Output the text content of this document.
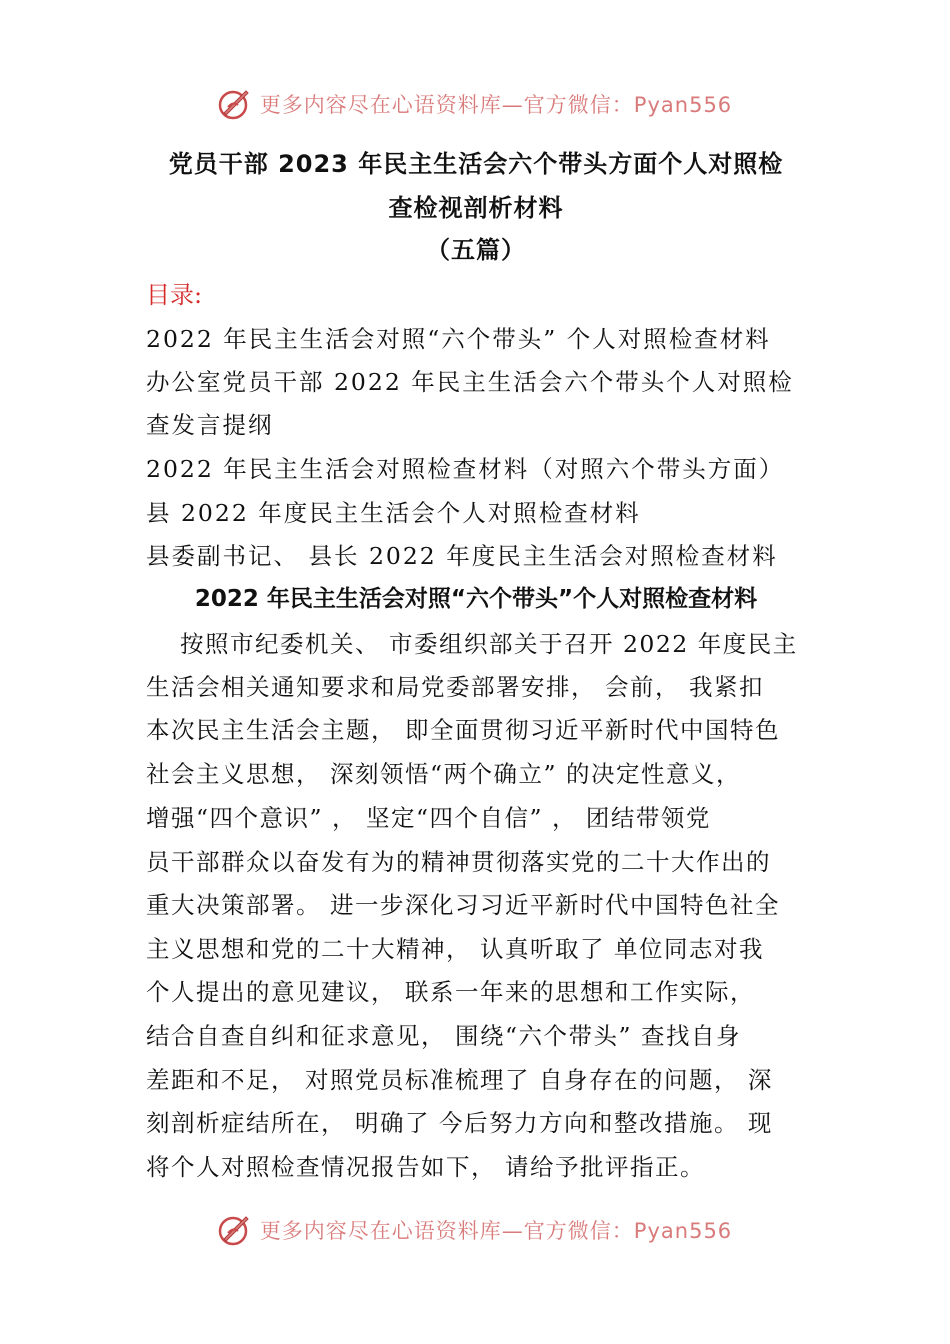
更多内容尽在心语资料库—官方微信：Pyan556
党员干部 2023 年民主生活会六个带头方面个人对照检
查检视剖析材料
（五篇）
目录:
2022 年民主生活会对照“六个带头” 个人对照检查材料
办公室党员干部 2022 年民主生活会六个带头个人对照检
查发言提纲
2022 年民主生活会对照检查材料（对照六个带头方面）
县 2022 年度民主生活会个人对照检查材料
县委副书记、 县长 2022 年度民主生活会对照检查材料
2022 年民主生活会对照“六个带头”个人对照检查材料
按照市纪委机关、 市委组织部关于召开 2022 年度民主
生活会相关通知要求和局党委部署安排， 会前， 我紧扣
本次民主生活会主题， 即全面贯彻习近平新时代中国特色
社会主义思想， 深刻领悟“两个确立” 的决定性意义，
增强“四个意识” ， 坚定“四个自信” ， 团结带领党
员干部群众以奋发有为的精神贯彻落实党的二十大作出的
重大决策部署。 进一步深化习习近平新时代中国特色社全
主义思想和党的二十大精神， 认真听取了 单位同志对我
个人提出的意见建议， 联系一年来的思想和工作实际，
结合自查自纠和征求意见， 围绕“六个带头” 查找自身
差距和不足， 对照党员标准梳理了 自身存在的问题， 深
刻剖析症结所在， 明确了 今后努力方向和整改措施。 现
将个人对照检查情况报告如下， 请给予批评指正。
更多内容尽在心语资料库—官方微信：Pyan556
